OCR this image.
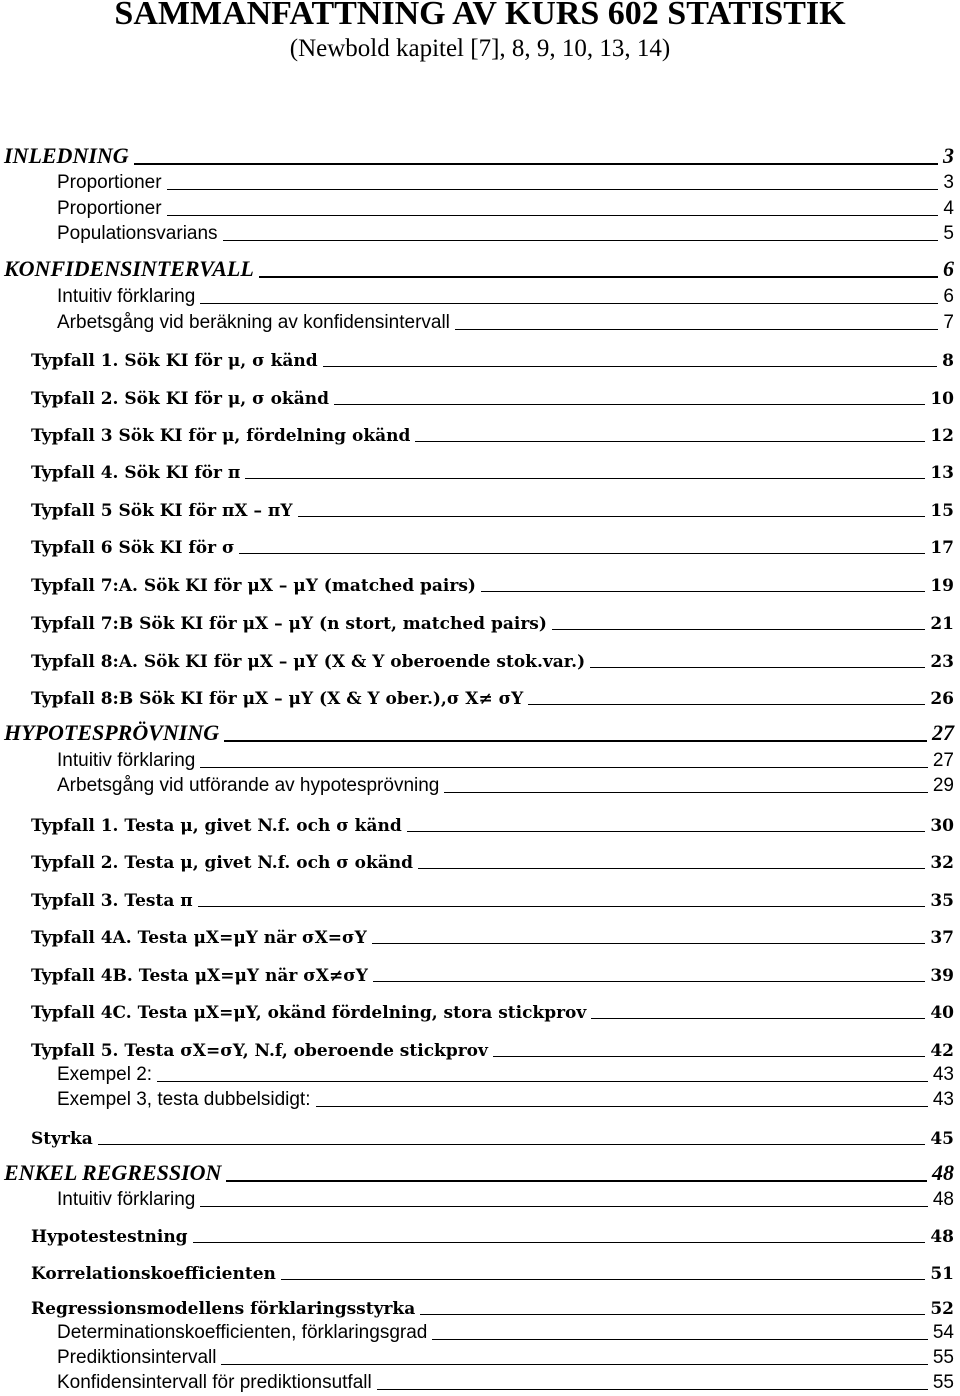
SAMMANFATTNING AV KURS 602 STATISTIK
(Newbold kapitel [7], 8, 9, 10, 13, 14)
INLEDNING	3
Proportioner	3
Proportioner	4
Populationsvarians	5
KONFIDENSINTERVALL	6
Intuitiv förklaring	6
Arbetsgång vid beräkning av konfidensintervall	7
Typfall 1. Sök KI för μ, σ känd	8
Typfall 2. Sök KI för μ, σ okänd	10
Typfall 3 Sök KI för μ, fördelning okänd	12
Typfall 4. Sök KI för π	13
Typfall 5 Sök KI för πX – πY	15
Typfall 6 Sök KI för σ	17
Typfall 7:A. Sök KI för μX – μY (matched pairs)	19
Typfall 7:B Sök KI för μX – μY (n stort, matched pairs)	21
Typfall 8:A. Sök KI för μX – μY (X & Y oberoende stok.var.)	23
Typfall 8:B Sök KI för μX – μY (X & Y ober.),σ X≠ σY	26
HYPOTESPRÖVNING	27
Intuitiv förklaring	27
Arbetsgång vid utförande av hypotesprövning	29
Typfall 1. Testa μ, givet N.f. och σ känd	30
Typfall 2. Testa μ, givet N.f. och σ okänd	32
Typfall 3. Testa π	35
Typfall 4A. Testa μX=μY när σX=σY	37
Typfall 4B. Testa μX=μY när σX≠σY	39
Typfall 4C. Testa μX=μY, okänd fördelning, stora stickprov	40
Typfall 5. Testa σX=σY, N.f, oberoende stickprov	42
Exempel 2:	43
Exempel 3, testa dubbelsidigt:	43
Styrka	45
ENKEL REGRESSION	48
Intuitiv förklaring	48
Hypotestestning	48
Korrelationskoefficienten	51
Regressionsmodellens förklaringsstyrka	52
Determinationskoefficienten, förklaringsgrad	54
Prediktionsintervall	55
Konfidensintervall för prediktionsutfall	55
